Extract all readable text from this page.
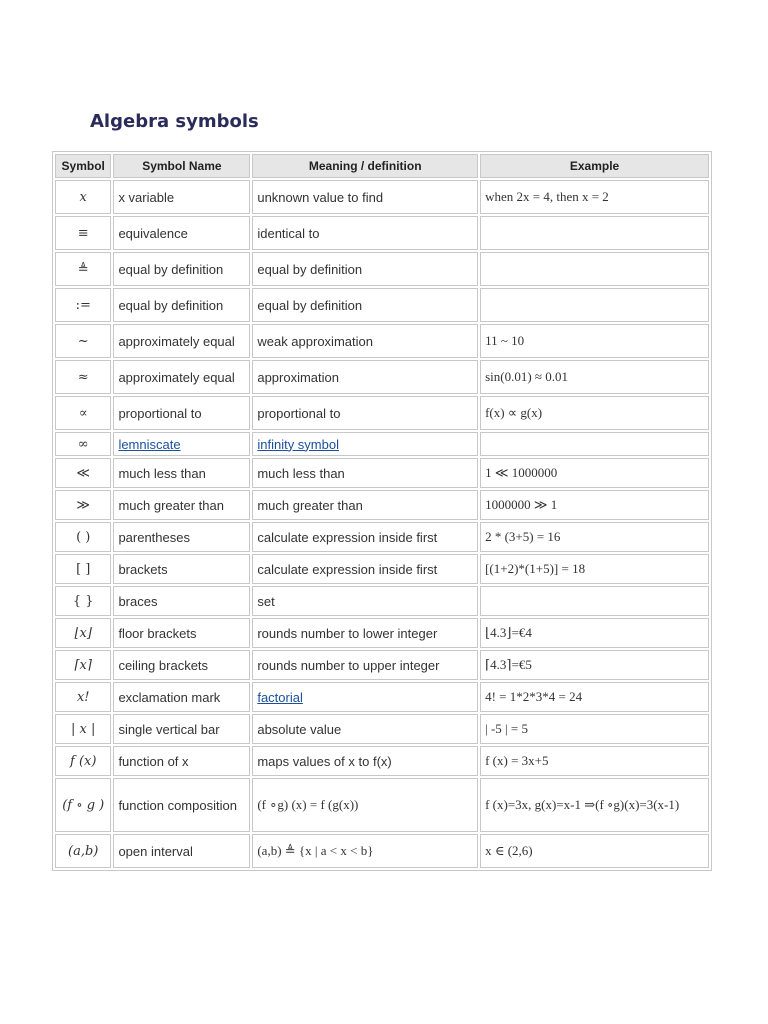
Algebra symbols
Symbol	Symbol Name	Meaning / definition	Example
x	x variable	unknown value to find	when 2x = 4, then x = 2
≡	equivalence	identical to	
≜	equal by definition	equal by definition	
:=	equal by definition	equal by definition	
~	approximately equal	weak approximation	11 ~ 10
≈	approximately equal	approximation	sin(0.01) ≈ 0.01
∝	proportional to	proportional to	f(x) ∝ g(x)
∞	lemniscate	infinity symbol	
≪	much less than	much less than	1 ≪ 1000000
≫	much greater than	much greater than	1000000 ≫ 1
( )	parentheses	calculate expression inside first	2 * (3+5) = 16
[ ]	brackets	calculate expression inside first	[(1+2)*(1+5)] = 18
{ }	braces	set	
⌊x⌋	floor brackets	rounds number to lower integer	⌊4.3⌋=€4
⌈x⌉	ceiling brackets	rounds number to upper integer	⌈4.3⌉=€5
x!	exclamation mark	factorial	4! = 1*2*3*4 = 24
| x |	single vertical bar	absolute value	| -5 | = 5
f (x)	function of x	maps values of x to f(x)	f (x) = 3x+5
(f ∘ g )	function composition	(f ∘g) (x) = f (g(x))	f (x)=3x, g(x)=x-1 ⇒(f ∘g)(x)=3(x-1)
(a,b)	open interval	(a,b) ≜ {x | a < x < b}	x ∈ (2,6)
